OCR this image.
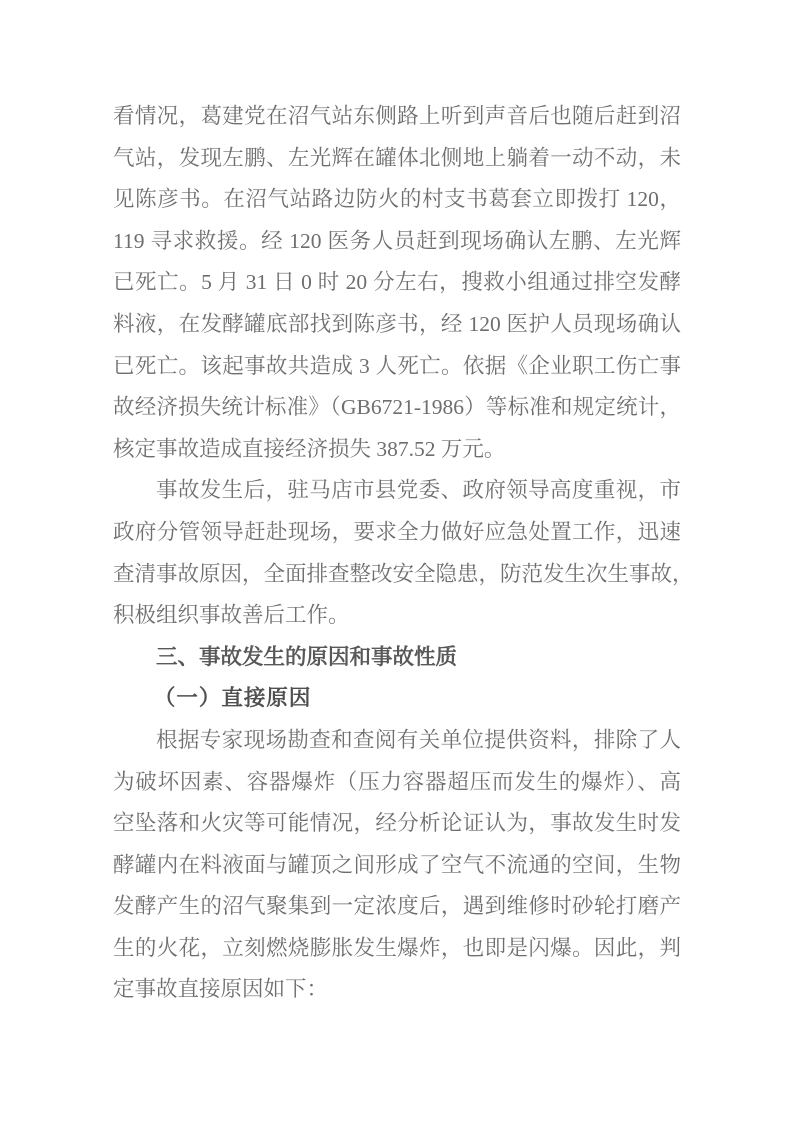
看情况，葛建党在沼气站东侧路上听到声音后也随后赶到沼
气站，发现左鹏、左光辉在罐体北侧地上躺着一动不动，未
见陈彦书。在沼气站路边防火的村支书葛套立即拨打 120，
119 寻求救援。经 120 医务人员赶到现场确认左鹏、左光辉
已死亡。5 月 31 日 0 时 20 分左右，搜救小组通过排空发酵
料液，在发酵罐底部找到陈彦书，经 120 医护人员现场确认
已死亡。该起事故共造成 3 人死亡。依据《企业职工伤亡事
故经济损失统计标准》（GB6721-1986）等标准和规定统计，
核定事故造成直接经济损失 387.52 万元。
事故发生后，驻马店市县党委、政府领导高度重视，市
政府分管领导赶赴现场，要求全力做好应急处置工作，迅速
查清事故原因，全面排查整改安全隐患，防范发生次生事故，
积极组织事故善后工作。
三、事故发生的原因和事故性质
（一）直接原因
根据专家现场勘查和查阅有关单位提供资料，排除了人
为破坏因素、容器爆炸（压力容器超压而发生的爆炸）、高
空坠落和火灾等可能情况，经分析论证认为，事故发生时发
酵罐内在料液面与罐顶之间形成了空气不流通的空间，生物
发酵产生的沼气聚集到一定浓度后，遇到维修时砂轮打磨产
生的火花，立刻燃烧膨胀发生爆炸，也即是闪爆。因此，判
定事故直接原因如下：
